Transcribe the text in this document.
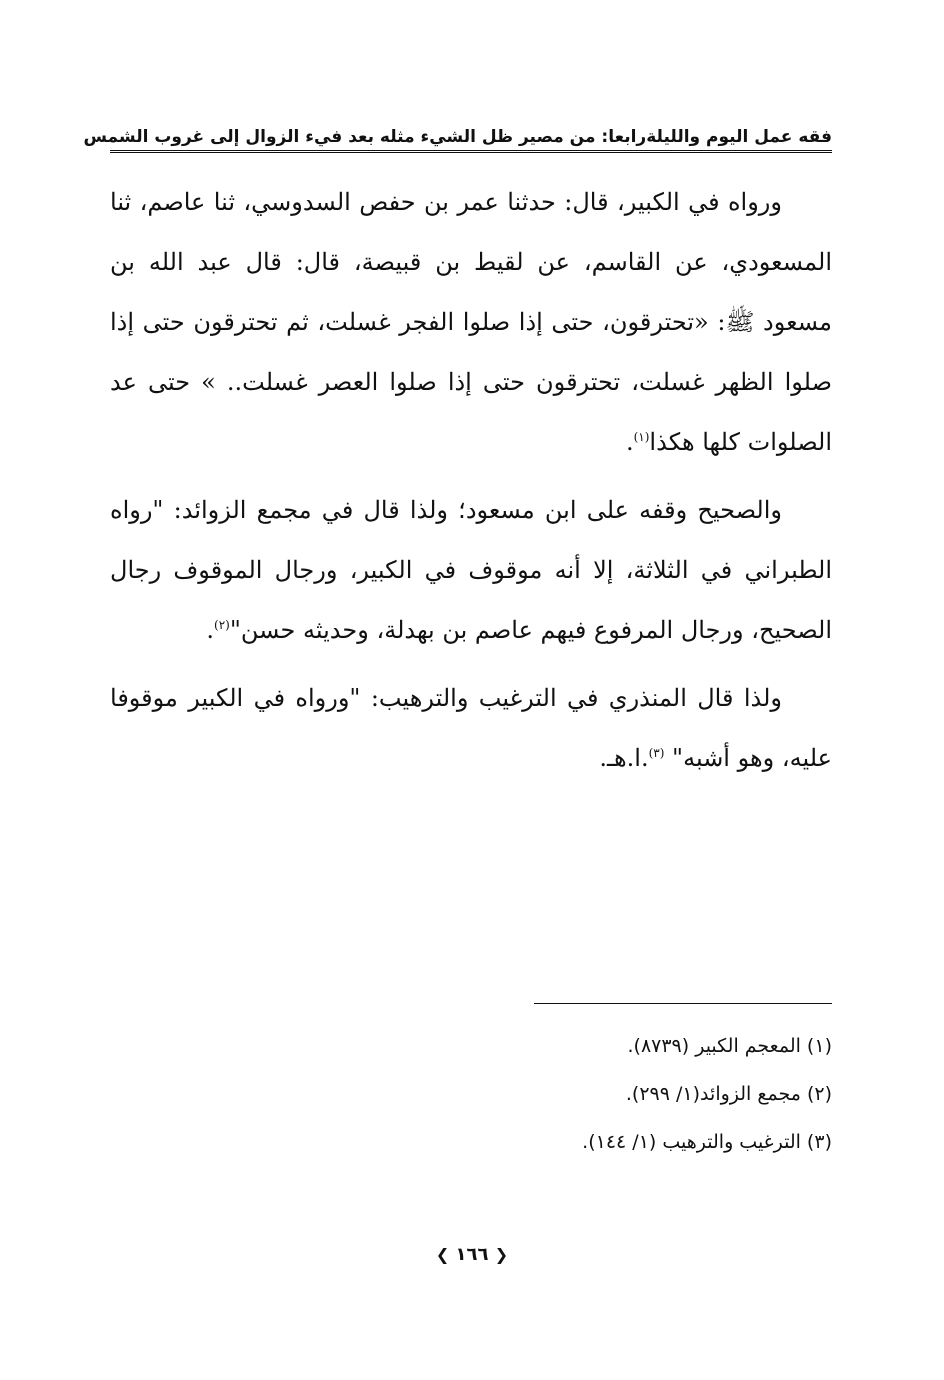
فقه عمل اليوم والليلة
رابعا: من مصير ظل الشيء مثله بعد فيء الزوال إلى غروب الشمس

ورواه في الكبير، قال: حدثنا عمر بن حفص السدوسي، ثنا عاصم، ثنا المسعودي، عن القاسم، عن لقيط بن قبيصة، قال: قال عبد الله بن مسعود ﷺ: «تحترقون، حتى إذا صلوا الفجر غسلت، ثم تحترقون حتى إذا صلوا الظهر غسلت، تحترقون حتى إذا صلوا العصر غسلت.. » حتى عد الصلوات كلها هكذا$^{(١)}$.

والصحيح وقفه على ابن مسعود؛ ولذا قال في مجمع الزوائد: "رواه الطبراني في الثلاثة، إلا أنه موقوف في الكبير، ورجال الموقوف رجال الصحيح، ورجال المرفوع فيهم عاصم بن بهدلة، وحديثه حسن"$^{(٢)}$.

ولذا قال المنذري في الترغيب والترهيب: "ورواه في الكبير موقوفا عليه، وهو أشبه" $^{(٣)}$.ا.هـ.

(١) المعجم الكبير (٨٧٣٩).
(٢) مجمع الزوائد(١/ ٢٩٩).
(٣) الترغيب والترهيب (١/ ١٤٤).
❮ ١٦٦ ❯
